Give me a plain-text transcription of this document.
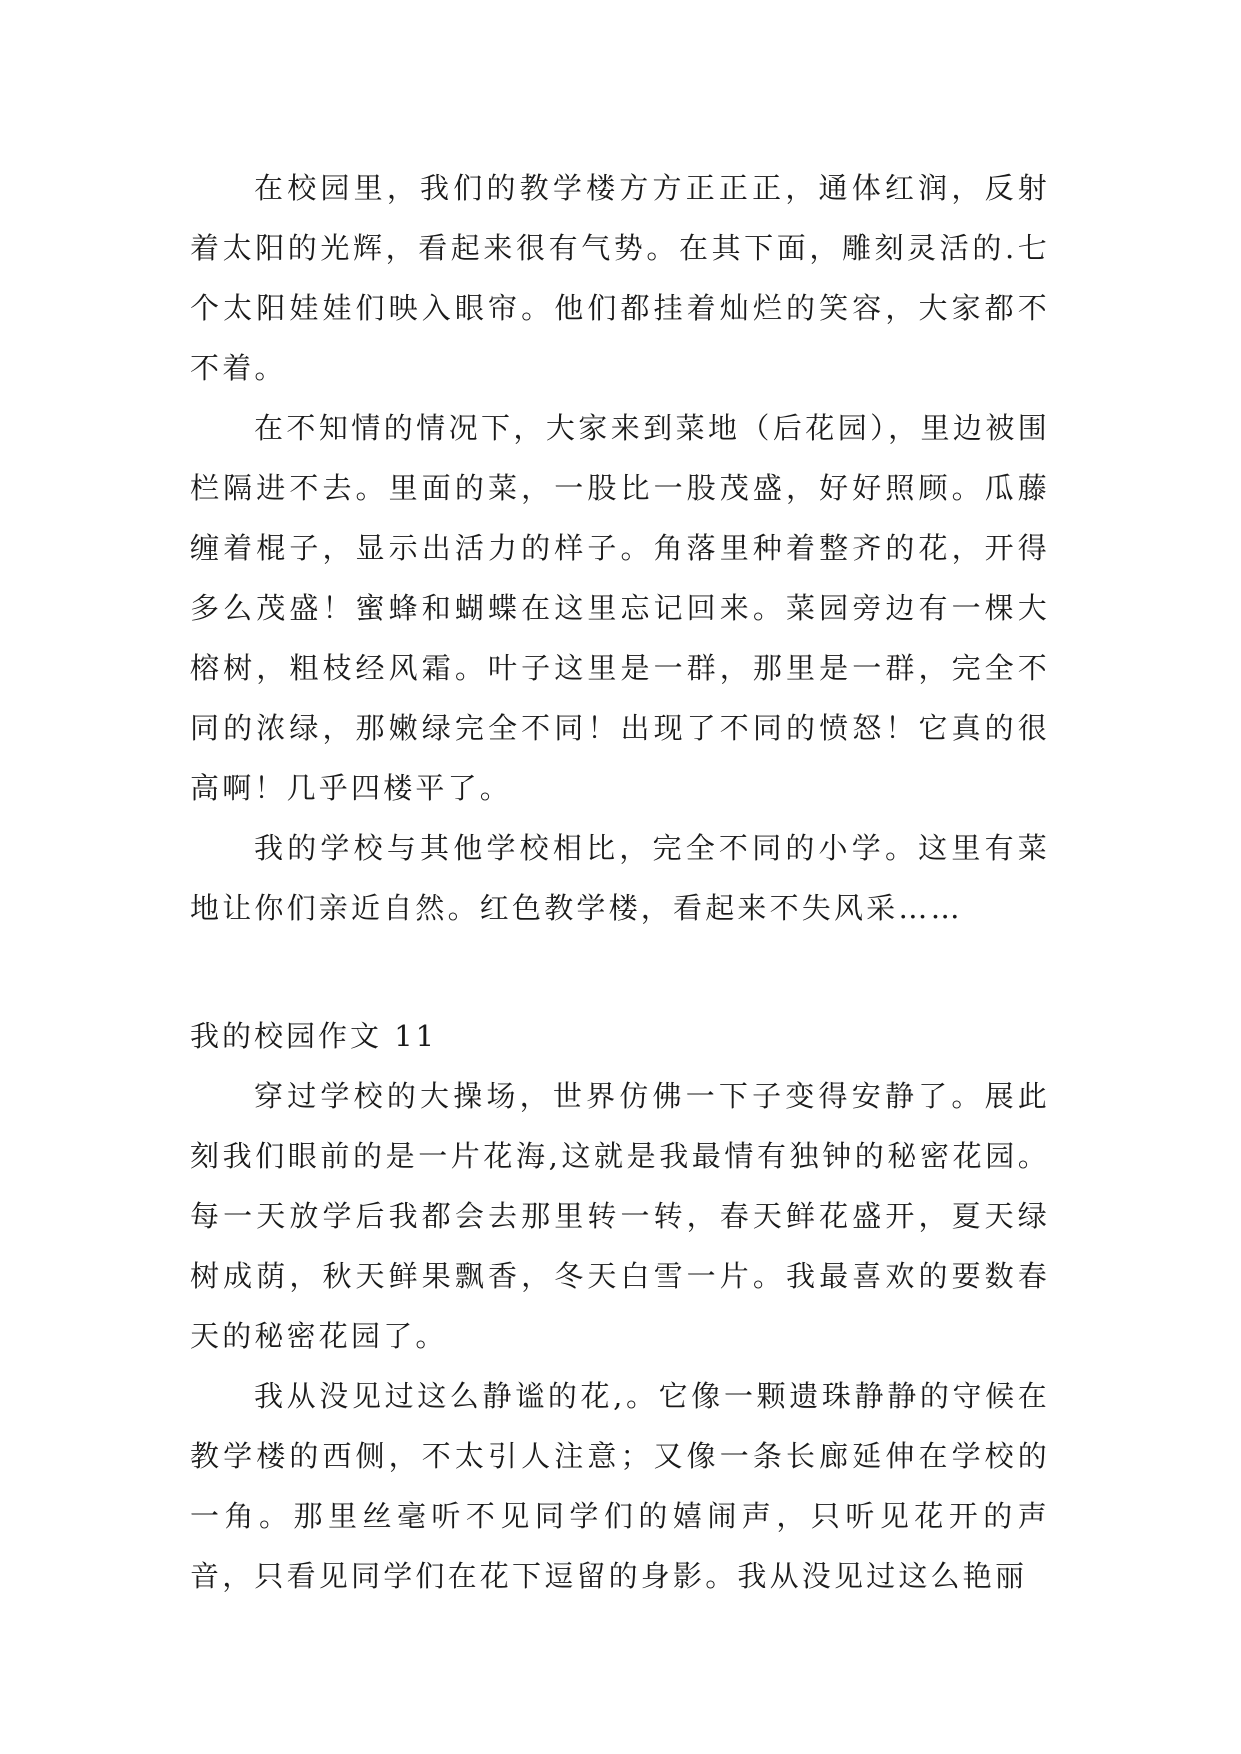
在校园里，我们的教学楼方方正正正，通体红润，反射着太阳的光辉，看起来很有气势。在其下面，雕刻灵活的.七个太阳娃娃们映入眼帘。他们都挂着灿烂的笑容，大家都不不着。

在不知情的情况下，大家来到菜地（后花园），里边被围栏隔进不去。里面的菜，一股比一股茂盛，好好照顾。瓜藤缠着棍子，显示出活力的样子。角落里种着整齐的花，开得多么茂盛！蜜蜂和蝴蝶在这里忘记回来。菜园旁边有一棵大榕树，粗枝经风霜。叶子这里是一群，那里是一群，完全不同的浓绿，那嫩绿完全不同！出现了不同的愤怒！它真的很高啊！几乎四楼平了。

我的学校与其他学校相比，完全不同的小学。这里有菜地让你们亲近自然。红色教学楼，看起来不失风采……

我的校园作文 11

穿过学校的大操场，世界仿佛一下子变得安静了。展此刻我们眼前的是一片花海,这就是我最情有独钟的秘密花园。每一天放学后我都会去那里转一转，春天鲜花盛开，夏天绿树成荫，秋天鲜果飘香，冬天白雪一片。我最喜欢的要数春天的秘密花园了。

我从没见过这么静谧的花,。它像一颗遗珠静静的守候在教学楼的西侧，不太引人注意；又像一条长廊延伸在学校的一角。那里丝毫听不见同学们的嬉闹声，只听见花开的声音，只看见同学们在花下逗留的身影。我从没见过这么艳丽
